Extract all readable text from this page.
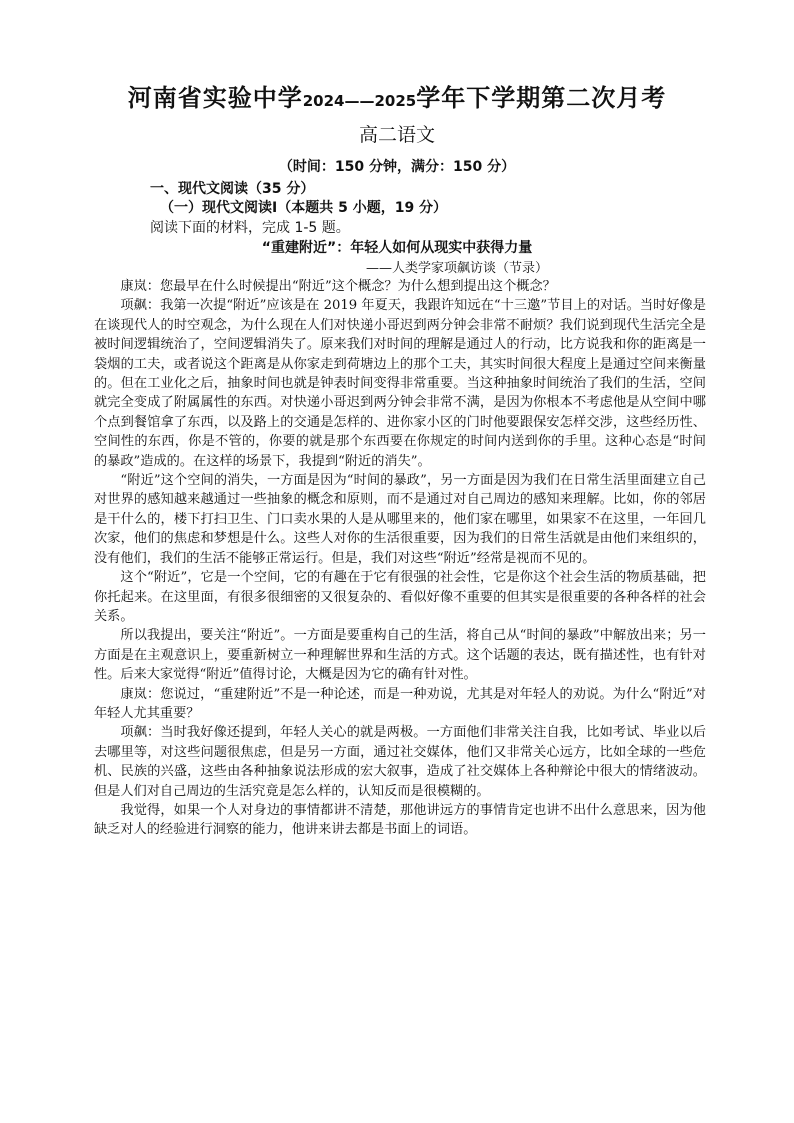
河南省实验中学2024——2025学年下学期第二次月考
高二语文
（时间：150 分钟，满分：150 分）
一、现代文阅读（35 分）
（一）现代文阅读Ⅰ（本题共 5 小题，19 分）
阅读下面的材料，完成 1-5 题。
“重建附近”：年轻人如何从现实中获得力量
——人类学家项飙访谈（节录）

康岚：您最早在什么时候提出“附近”这个概念？为什么想到提出这个概念？

项飙：我第一次提“附近”应该是在 2019 年夏天，我跟许知远在“十三邀”节目上的对话。当时好像是在谈现代人的时空观念，为什么现在人们对快递小哥迟到两分钟会非常不耐烦？我们说到现代生活完全是被时间逻辑统治了，空间逻辑消失了。原来我们对时间的理解是通过人的行动，比方说我和你的距离是一袋烟的工夫，或者说这个距离是从你家走到荷塘边上的那个工夫，其实时间很大程度上是通过空间来衡量的。但在工业化之后，抽象时间也就是钟表时间变得非常重要。当这种抽象时间统治了我们的生活，空间就完全变成了附属属性的东西。对快递小哥迟到两分钟会非常不满，是因为你根本不考虑他是从空间中哪个点到餐馆拿了东西，以及路上的交通是怎样的、进你家小区的门时他要跟保安怎样交涉，这些经历性、空间性的东西，你是不管的，你要的就是那个东西要在你规定的时间内送到你的手里。这种心态是“时间的暴政”造成的。在这样的场景下，我提到“附近的消失”。

“附近”这个空间的消失，一方面是因为“时间的暴政”，另一方面是因为我们在日常生活里面建立自己对世界的感知越来越通过一些抽象的概念和原则，而不是通过对自己周边的感知来理解。比如，你的邻居是干什么的，楼下打扫卫生、门口卖水果的人是从哪里来的，他们家在哪里，如果家不在这里，一年回几次家，他们的焦虑和梦想是什么。这些人对你的生活很重要，因为我们的日常生活就是由他们来组织的，没有他们，我们的生活不能够正常运行。但是，我们对这些“附近”经常是视而不见的。

这个“附近”，它是一个空间，它的有趣在于它有很强的社会性，它是你这个社会生活的物质基础，把你托起来。在这里面，有很多很细密的又很复杂的、看似好像不重要的但其实是很重要的各种各样的社会关系。

所以我提出，要关注“附近”。一方面是要重构自己的生活，将自己从“时间的暴政”中解放出来；另一方面是在主观意识上，要重新树立一种理解世界和生活的方式。这个话题的表达，既有描述性，也有针对性。后来大家觉得“附近”值得讨论，大概是因为它的确有针对性。

康岚：您说过，“重建附近”不是一种论述，而是一种劝说，尤其是对年轻人的劝说。为什么“附近”对年轻人尤其重要？

项飙：当时我好像还提到，年轻人关心的就是两极。一方面他们非常关注自我，比如考试、毕业以后去哪里等，对这些问题很焦虑，但是另一方面，通过社交媒体，他们又非常关心远方，比如全球的一些危机、民族的兴盛，这些由各种抽象说法形成的宏大叙事，造成了社交媒体上各种辩论中很大的情绪波动。但是人们对自己周边的生活究竟是怎么样的，认知反而是很模糊的。

我觉得，如果一个人对身边的事情都讲不清楚，那他讲远方的事情肯定也讲不出什么意思来，因为他缺乏对人的经验进行洞察的能力，他讲来讲去都是书面上的词语。
